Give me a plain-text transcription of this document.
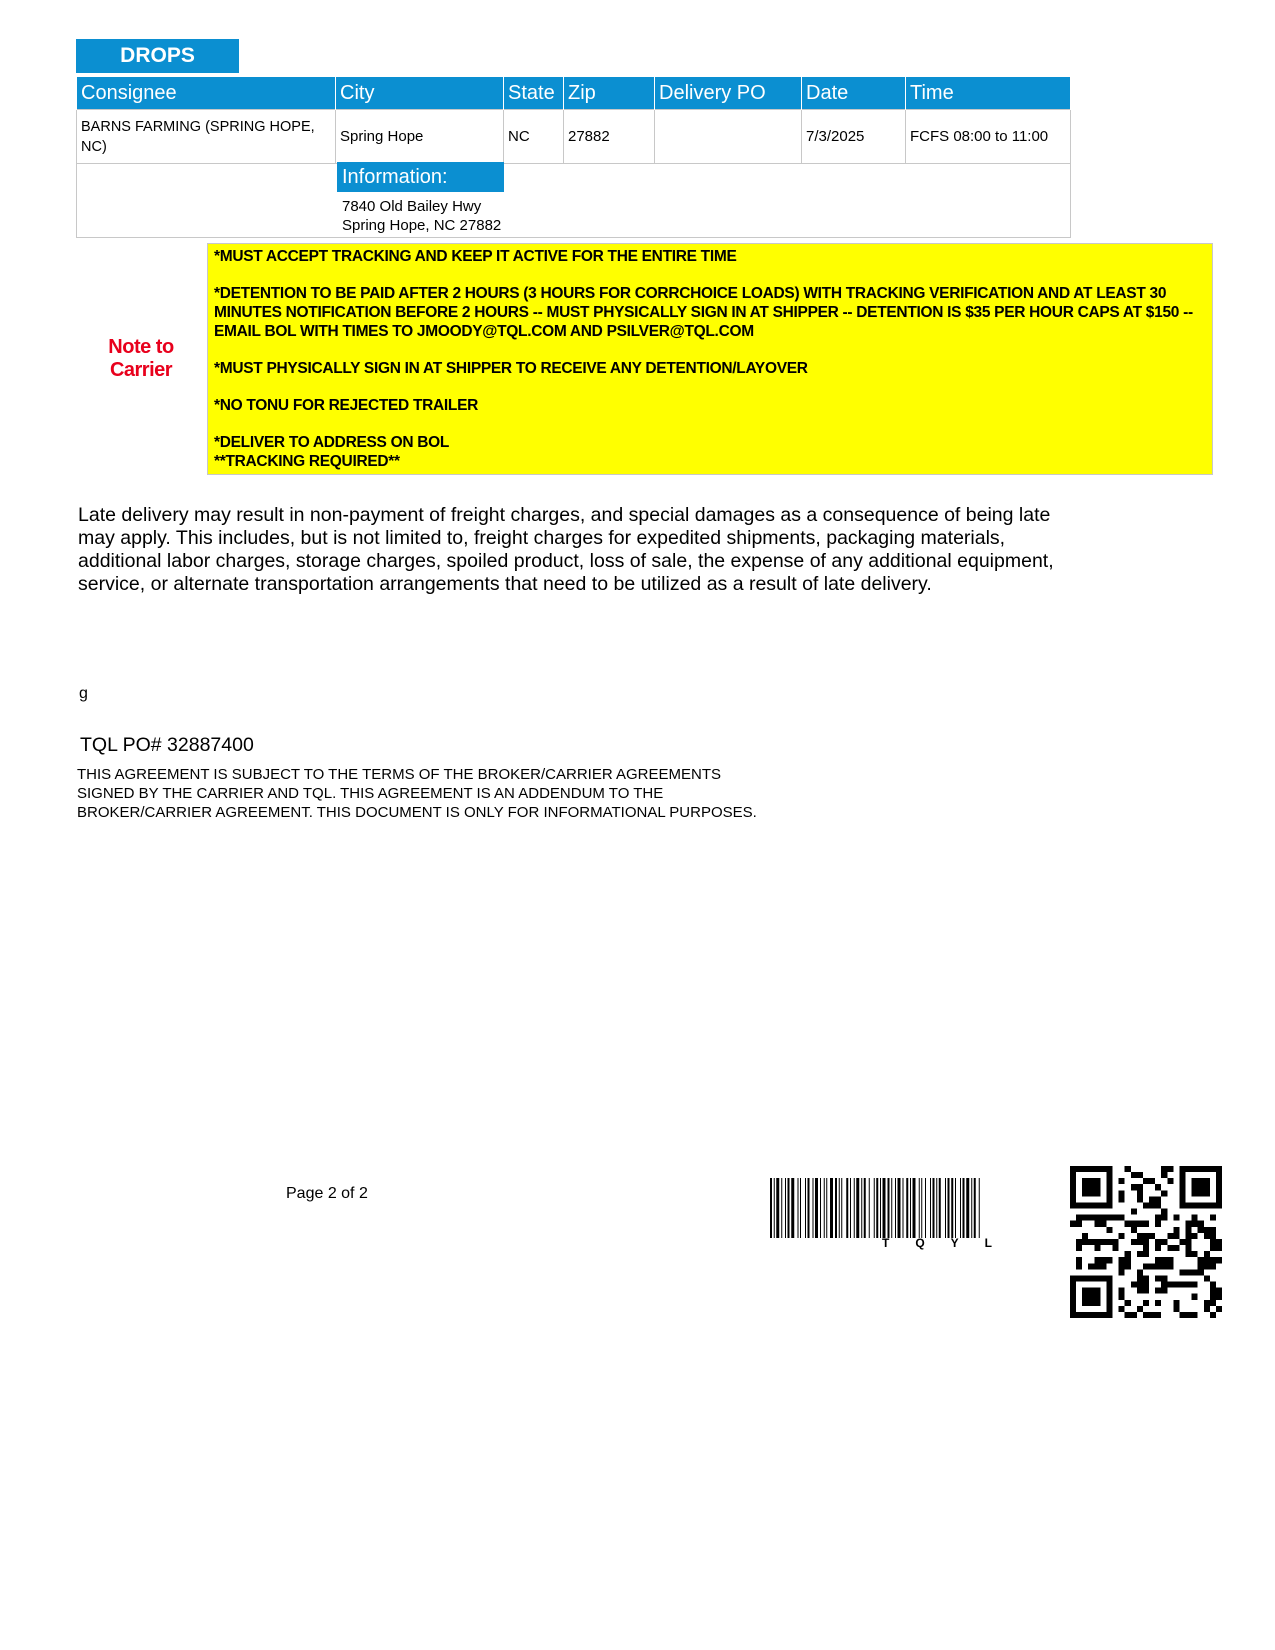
DROPS
Consignee	City	State	Zip	Delivery PO	Date	Time
BARNS FARMING (SPRING HOPE, NC)	Spring Hope	NC	27882		7/3/2025	FCFS 08:00 to 11:00
Information:
7840 Old Bailey Hwy
Spring Hope, NC 27882
Note to Carrier

*MUST ACCEPT TRACKING AND KEEP IT ACTIVE FOR THE ENTIRE TIME

*DETENTION TO BE PAID AFTER 2 HOURS (3 HOURS FOR CORRCHOICE LOADS) WITH TRACKING VERIFICATION AND AT LEAST 30 MINUTES NOTIFICATION BEFORE 2 HOURS -- MUST PHYSICALLY SIGN IN AT SHIPPER -- DETENTION IS $35 PER HOUR CAPS AT $150 -- EMAIL BOL WITH TIMES TO JMOODY@TQL.COM AND PSILVER@TQL.COM

*MUST PHYSICALLY SIGN IN AT SHIPPER TO RECEIVE ANY DETENTION/LAYOVER

*NO TONU FOR REJECTED TRAILER

*DELIVER TO ADDRESS ON BOL

**TRACKING REQUIRED**

Late delivery may result in non-payment of freight charges, and special damages as a consequence of being late may apply. This includes, but is not limited to, freight charges for expedited shipments, packaging materials, additional labor charges, storage charges, spoiled product, loss of sale, the expense of any additional equipment, service, or alternate transportation arrangements that need to be utilized as a result of late delivery.
g
TQL PO# 32887400
THIS AGREEMENT IS SUBJECT TO THE TERMS OF THE BROKER/CARRIER AGREEMENTS SIGNED BY THE CARRIER AND TQL. THIS AGREEMENT IS AN ADDENDUM TO THE BROKER/CARRIER AGREEMENT. THIS DOCUMENT IS ONLY FOR INFORMATIONAL PURPOSES.
Page 2 of 2
TQYL
